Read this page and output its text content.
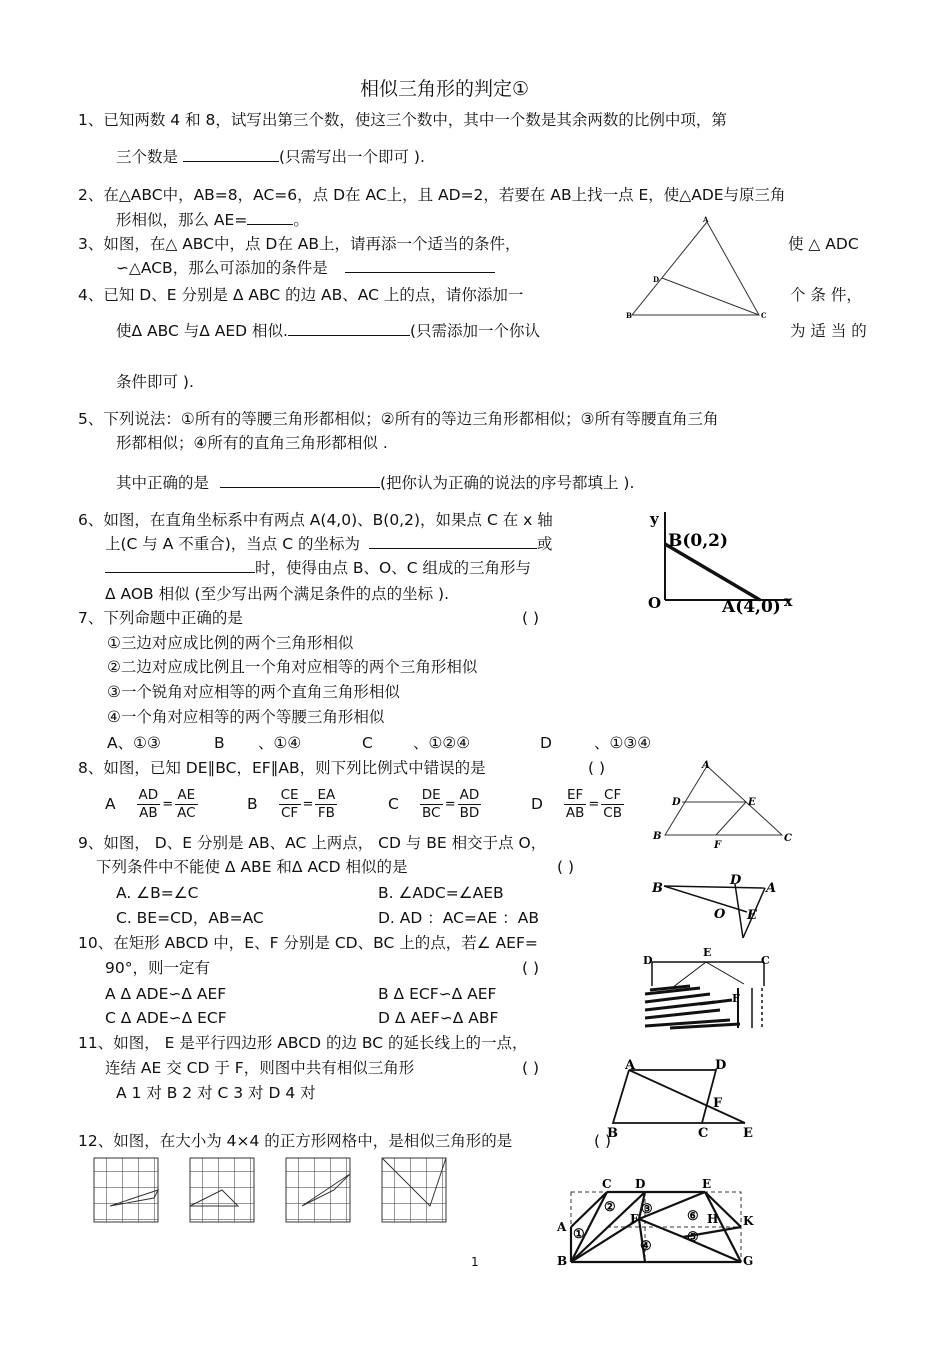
相似三角形的判定①
1、已知两数 4 和 8，试写出第三个数，使这三个数中，其中一个数是其余两数的比例中项，第
三个数是	(只需写出一个即可 ).
2、在△ABC中，AB=8，AC=6，点 D在 AC上，且 AD=2，若要在 AB上找一点 E，使△ADE与原三角
形相似，那么 AE=	。
3、如图，在△ ABC中，点 D在 AB上，请再添一个适当的条件，	使 △ ADC
∽△ACB，那么可添加的条件是
4、已知 D、E 分别是 Δ ABC 的边 AB、AC 上的点，请你添加一	个 条 件，
使Δ ABC 与Δ AED 相似.	(只需添加一个你认	为 适 当 的
条件即可 ).
A
B	C
D
5、下列说法：①所有的等腰三角形都相似；②所有的等边三角形都相似；③所有等腰直角三角
形都相似；④所有的直角三角形都相似 .
其中正确的是	(把你认为正确的说法的序号都填上 ).
6、如图，在直角坐标系中有两点 A(4,0)、B(0,2)，如果点 C 在 x 轴
上(C 与 A 不重合)，当点 C 的坐标为	或
时，使得由点 B、O、C 组成的三角形与
Δ AOB 相似 (至少写出两个满足条件的点的坐标 ).
y
x
O
B(0,2)
A(4,0)
7、下列命题中正确的是	( )
①三边对应成比例的两个三角形相似
②二边对应成比例且一个角对应相等的两个三角形相似
③一个锐角对应相等的两个直角三角形相似
④一个角对应相等的两个等腰三角形相似
A、①③	B 、①④	C	、①②④	D	、①③④
8、如图，已知 DE∥BC，EF∥AB，则下列比例式中错误的是	( )
A $\frac{AD}{AB} = \frac{AE}{AC}$	B $\frac{CE}{CF} = \frac{EA}{FB}$	C $\frac{DE}{BC} = \frac{AD}{BD}$	D $\frac{EF}{AB} = \frac{CF}{CB}$
A
B	C
D	E
F
9、如图， D、E 分别是 AB、AC 上两点， CD 与 BE 相交于点 O，
下列条件中不能使 Δ ABE 和Δ ACD 相似的是	( )
A. ∠B=∠C	B. ∠ADC=∠AEB
C. BE=CD，AB=AC	D. AD ：AC=AE ：AB
B
D
A
O E
10、在矩形 ABCD 中，E、F 分别是 CD、BC 上的点，若∠ AEF=
90°，则一定有	( )
A Δ ADE∽Δ AEF	B Δ ECF∽Δ AEF
C Δ ADE∽Δ ECF	D Δ AEF∽Δ ABF
D
E
C
F
11、如图， E 是平行四边形 ABCD 的边 BC 的延长线上的一点，
连结 AE 交 CD 于 F，则图中共有相似三角形	( )
A 1 对 B 2 对 C 3 对 D 4 对
A	D
F
B	C	E
12、如图，在大小为 4×4 的正方形网格中，是相似三角形的是	( )
C D	E
A
F	H K
B	G
①
② ③
④
⑤
⑥
1
